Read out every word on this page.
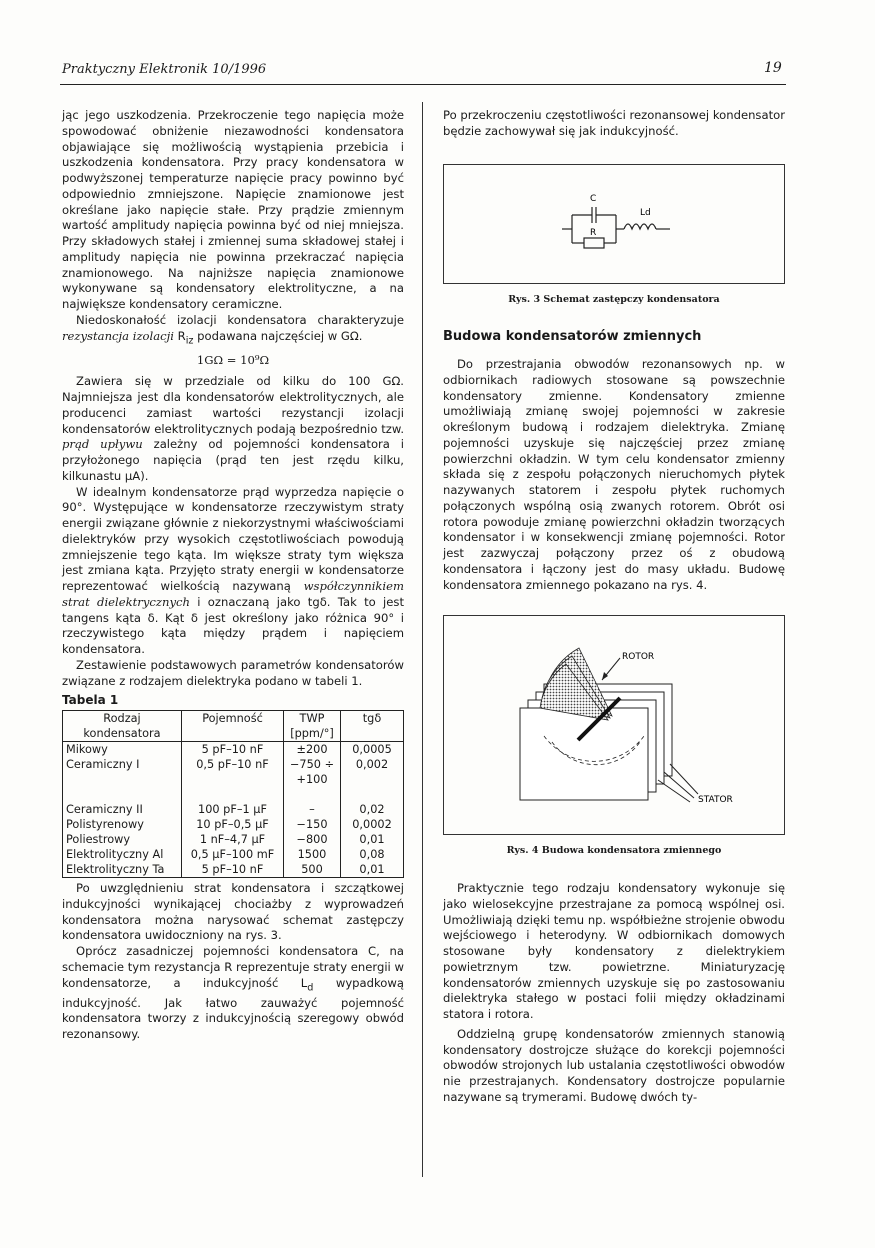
Praktyczny Elektronik 10/1996	19

jąc jego uszkodzenia. Przekroczenie tego napięcia może spowodować obniżenie niezawodności kondensatora objawiające się możliwością wystąpienia przebicia i uszkodzenia kondensatora. Przy pracy kondensatora w podwyższonej temperaturze napięcie pracy powinno być odpowiednio zmniejszone. Napięcie znamionowe jest określane jako napięcie stałe. Przy prądzie zmiennym wartość amplitudy napięcia powinna być od niej mniejsza. Przy składowych stałej i zmiennej suma składowej stałej i amplitudy napięcia nie powinna przekraczać napięcia znamionowego. Na najniższe napięcia znamionowe wykonywane są kondensatory elektrolityczne, a na największe kondensatory ceramiczne.

Niedoskonałość izolacji kondensatora charakteryzuje rezystancja izolacji $R_{iz}$ podawana najczęściej w GΩ.

1GΩ = 10⁹Ω

Zawiera się w przedziale od kilku do 100 GΩ. Najmniejsza jest dla kondensatorów elektrolitycznych, ale producenci zamiast wartości rezystancji izolacji kondensatorów elektrolitycznych podają bezpośrednio tzw. prąd upływu zależny od pojemności kondensatora i przyłożonego napięcia (prąd ten jest rzędu kilku, kilkunastu µA).

W idealnym kondensatorze prąd wyprzedza napięcie o 90°. Występujące w kondensatorze rzeczywistym straty energii związane głównie z niekorzystnymi właściwościami dielektryków przy wysokich częstotliwościach powodują zmniejszenie tego kąta. Im większe straty tym większa jest zmiana kąta. Przyjęto straty energii w kondensatorze reprezentować wielkością nazywaną współczynnikiem strat dielektrycznych i oznaczaną jako tgδ. Tak to jest tangens kąta δ. Kąt δ jest określony jako różnica 90° i rzeczywistego kąta między prądem i napięciem kondensatora.

Zestawienie podstawowych parametrów kondensatorów związane z rodzajem dielektryka podano w tabeli 1.

Tabela 1
Rodzaj kondensatora	Pojemność	TWP [ppm/°]	tgδ
Mikowy	5 pF–10 nF	±200	0,0005
Ceramiczny I	0,5 pF–10 nF	−750 ÷ +100	0,002
Ceramiczny II	100 pF–1 µF	–	0,02
Polistyrenowy	10 pF–0,5 µF	−150	0,0002
Poliestrowy	1 nF–4,7 µF	−800	0,01
Elektrolityczny Al	0,5 µF–100 mF	1500	0,08
Elektrolityczny Ta	5 pF–10 nF	500	0,01

Po uwzględnieniu strat kondensatora i szczątkowej indukcyjności wynikającej chociażby z wyprowadzeń kondensatora można narysować schemat zastępczy kondensatora uwidoczniony na rys. 3.

Oprócz zasadniczej pojemności kondensatora C, na schemacie tym rezystancja R reprezentuje straty energii w kondensatorze, a indukcyjność $L_d$ wypadkową indukcyjność. Jak łatwo zauważyć pojemność kondensatora tworzy z indukcyjnością szeregowy obwód rezonansowy.

Po przekroczeniu częstotliwości rezonansowej kondensator będzie zachowywał się jak indukcyjność.

C
R
Ld
Rys. 3 Schemat zastępczy kondensatora
Budowa kondensatorów zmiennych

Do przestrajania obwodów rezonansowych np. w odbiornikach radiowych stosowane są powszechnie kondensatory zmienne. Kondensatory zmienne umożliwiają zmianę swojej pojemności w zakresie określonym budową i rodzajem dielektryka. Zmianę pojemności uzyskuje się najczęściej przez zmianę powierzchni okładzin. W tym celu kondensator zmienny składa się z zespołu połączonych nieruchomych płytek nazywanych statorem i zespołu płytek ruchomych połączonych wspólną osią zwanych rotorem. Obrót osi rotora powoduje zmianę powierzchni okładzin tworzących kondensator i w konsekwencji zmianę pojemności. Rotor jest zazwyczaj połączony przez oś z obudową kondensatora i łączony jest do masy układu. Budowę kondensatora zmiennego pokazano na rys. 4.

ROTOR
STATOR
Rys. 4 Budowa kondensatora zmiennego

Praktycznie tego rodzaju kondensatory wykonuje się jako wielosekcyjne przestrajane za pomocą wspólnej osi. Umożliwiają dzięki temu np. współbieżne strojenie obwodu wejściowego i heterodyny. W odbiornikach domowych stosowane były kondensatory z dielektrykiem powietrznym tzw. powietrzne. Miniaturyzację kondensatorów zmiennych uzyskuje się po zastosowaniu dielektryka stałego w postaci folii między okładzinami statora i rotora.

Oddzielną grupę kondensatorów zmiennych stanowią kondensatory dostrojcze służące do korekcji pojemności obwodów strojonych lub ustalania częstotliwości obwodów nie przestrajanych. Kondensatory dostrojcze popularnie nazywane są trymerami. Budowę dwóch ty-
